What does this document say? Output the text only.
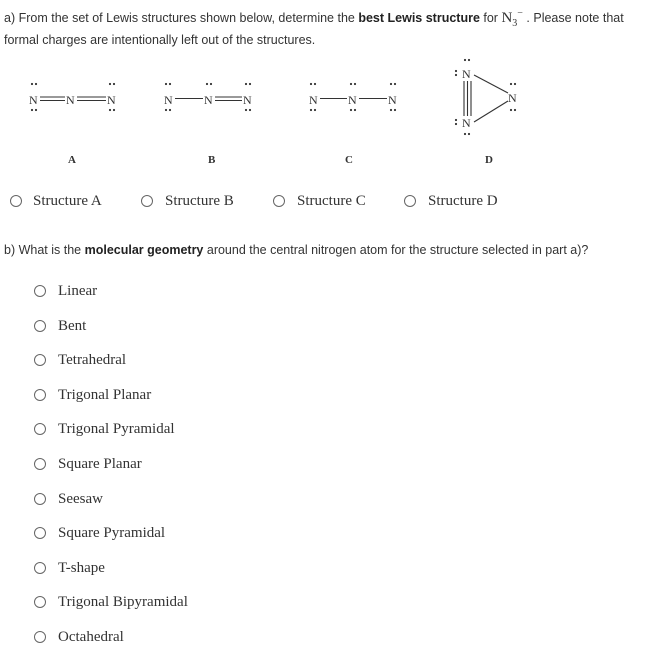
a) From the set of Lewis structures shown below, determine the best Lewis structure for $N_3^-$ . Please note that formal charges are intentionally left out of the structures.
N N	N
A
N	N	N
B
N	N	N
C
N
N
N
D
Structure A	Structure B	Structure C	Structure D
b) What is the molecular geometry around the central nitrogen atom for the structure selected in part a)?
Linear
Bent
Tetrahedral
Trigonal Planar
Trigonal Pyramidal
Square Planar
Seesaw
Square Pyramidal
T-shape
Trigonal Bipyramidal
Octahedral
